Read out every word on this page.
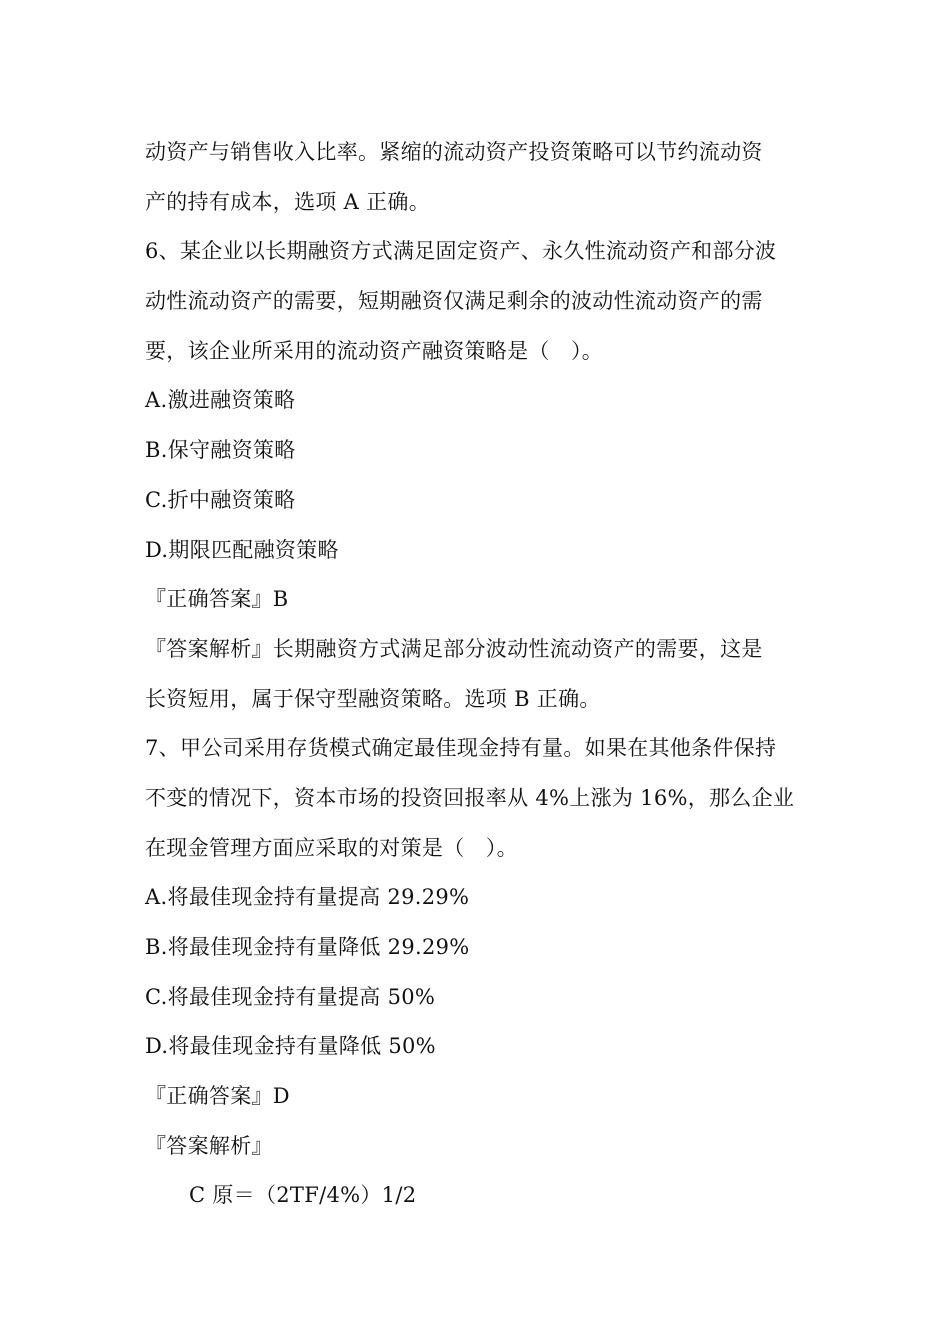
动资产与销售收入比率。紧缩的流动资产投资策略可以节约流动资
产的持有成本，选项 A 正确。
6、某企业以长期融资方式满足固定资产、永久性流动资产和部分波
动性流动资产的需要，短期融资仅满足剩余的波动性流动资产的需
要，该企业所采用的流动资产融资策略是（　）。
A.激进融资策略
B.保守融资策略
C.折中融资策略
D.期限匹配融资策略
『正确答案』B
『答案解析』长期融资方式满足部分波动性流动资产的需要，这是
长资短用，属于保守型融资策略。选项 B 正确。
7、甲公司采用存货模式确定最佳现金持有量。如果在其他条件保持
不变的情况下，资本市场的投资回报率从 4%上涨为 16%，那么企业
在现金管理方面应采取的对策是（　）。
A.将最佳现金持有量提高 29.29%
B.将最佳现金持有量降低 29.29%
C.将最佳现金持有量提高 50%
D.将最佳现金持有量降低 50%
『正确答案』D
『答案解析』
C 原＝（2TF/4%）1/2
